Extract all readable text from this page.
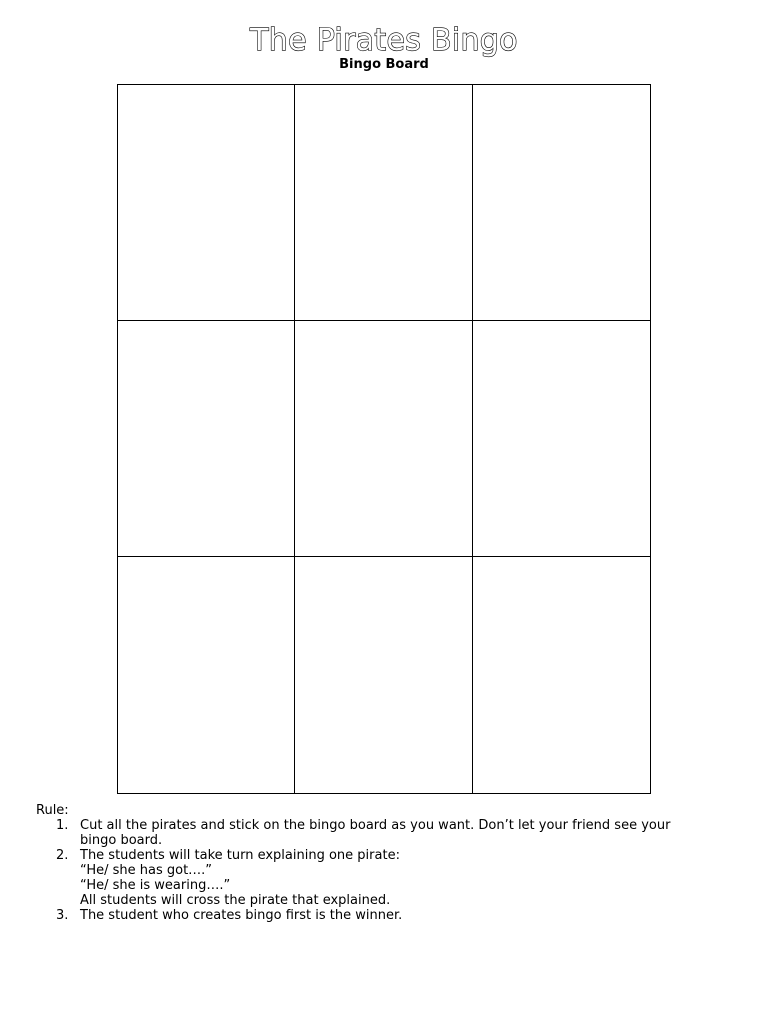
The Pirates Bingo
Bingo Board
Rule:
1. Cut all the pirates and stick on the bingo board as you want. Don’t let your friend see your
bingo board.
2. The students will take turn explaining one pirate:
“He/ she has got….”
“He/ she is wearing….”
All students will cross the pirate that explained.
3. The student who creates bingo first is the winner.
